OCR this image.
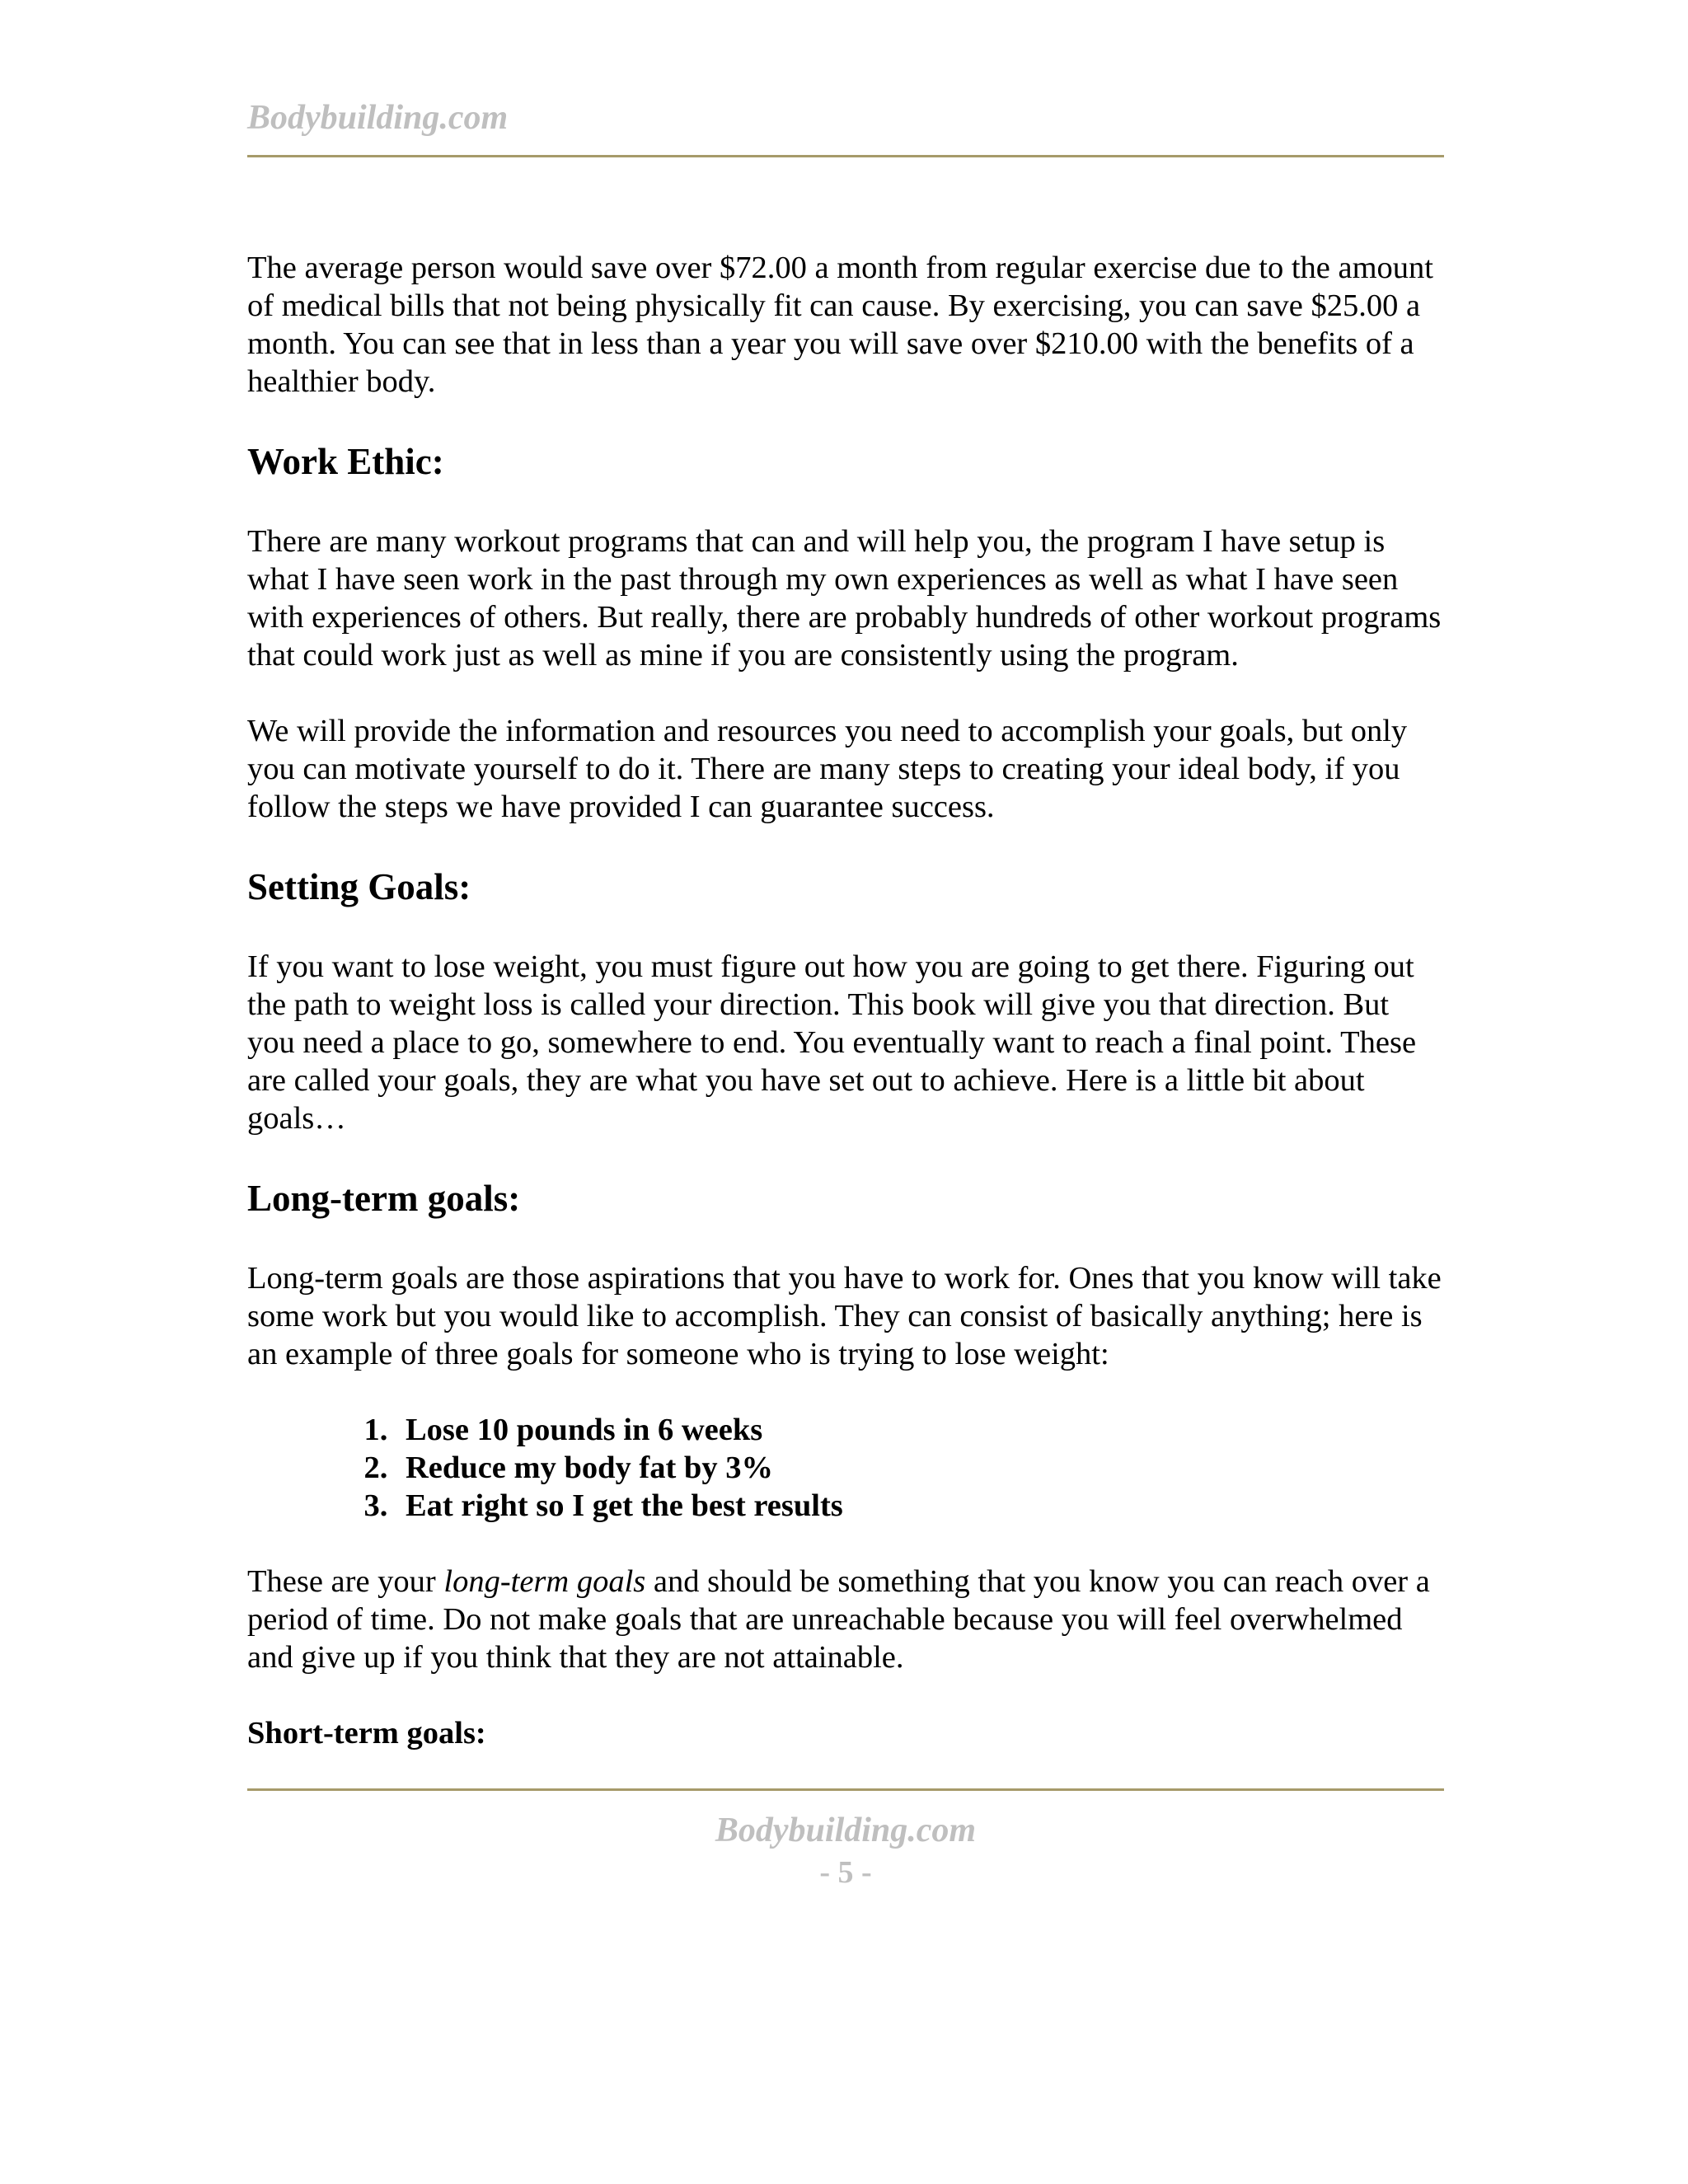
Bodybuilding.com

The average person would save over $72.00 a month from regular exercise due to the amount of medical bills that not being physically fit can cause. By exercising, you can save $25.00 a month. You can see that in less than a year you will save over $210.00 with the benefits of a healthier body.

Work Ethic:

There are many workout programs that can and will help you, the program I have setup is what I have seen work in the past through my own experiences as well as what I have seen with experiences of others. But really, there are probably hundreds of other workout programs that could work just as well as mine if you are consistently using the program.

We will provide the information and resources you need to accomplish your goals, but only you can motivate yourself to do it. There are many steps to creating your ideal body, if you follow the steps we have provided I can guarantee success.

Setting Goals:

If you want to lose weight, you must figure out how you are going to get there. Figuring out the path to weight loss is called your direction. This book will give you that direction. But you need a place to go, somewhere to end. You eventually want to reach a final point. These are called your goals, they are what you have set out to achieve. Here is a little bit about goals…

Long-term goals:

Long-term goals are those aspirations that you have to work for. Ones that you know will take some work but you would like to accomplish. They can consist of basically anything; here is an example of three goals for someone who is trying to lose weight:

1. Lose 10 pounds in 6 weeks
2. Reduce my body fat by 3%
3. Eat right so I get the best results

These are your long-term goals and should be something that you know you can reach over a period of time. Do not make goals that are unreachable because you will feel overwhelmed and give up if you think that they are not attainable.

Short-term goals:
Bodybuilding.com
- 5 -
